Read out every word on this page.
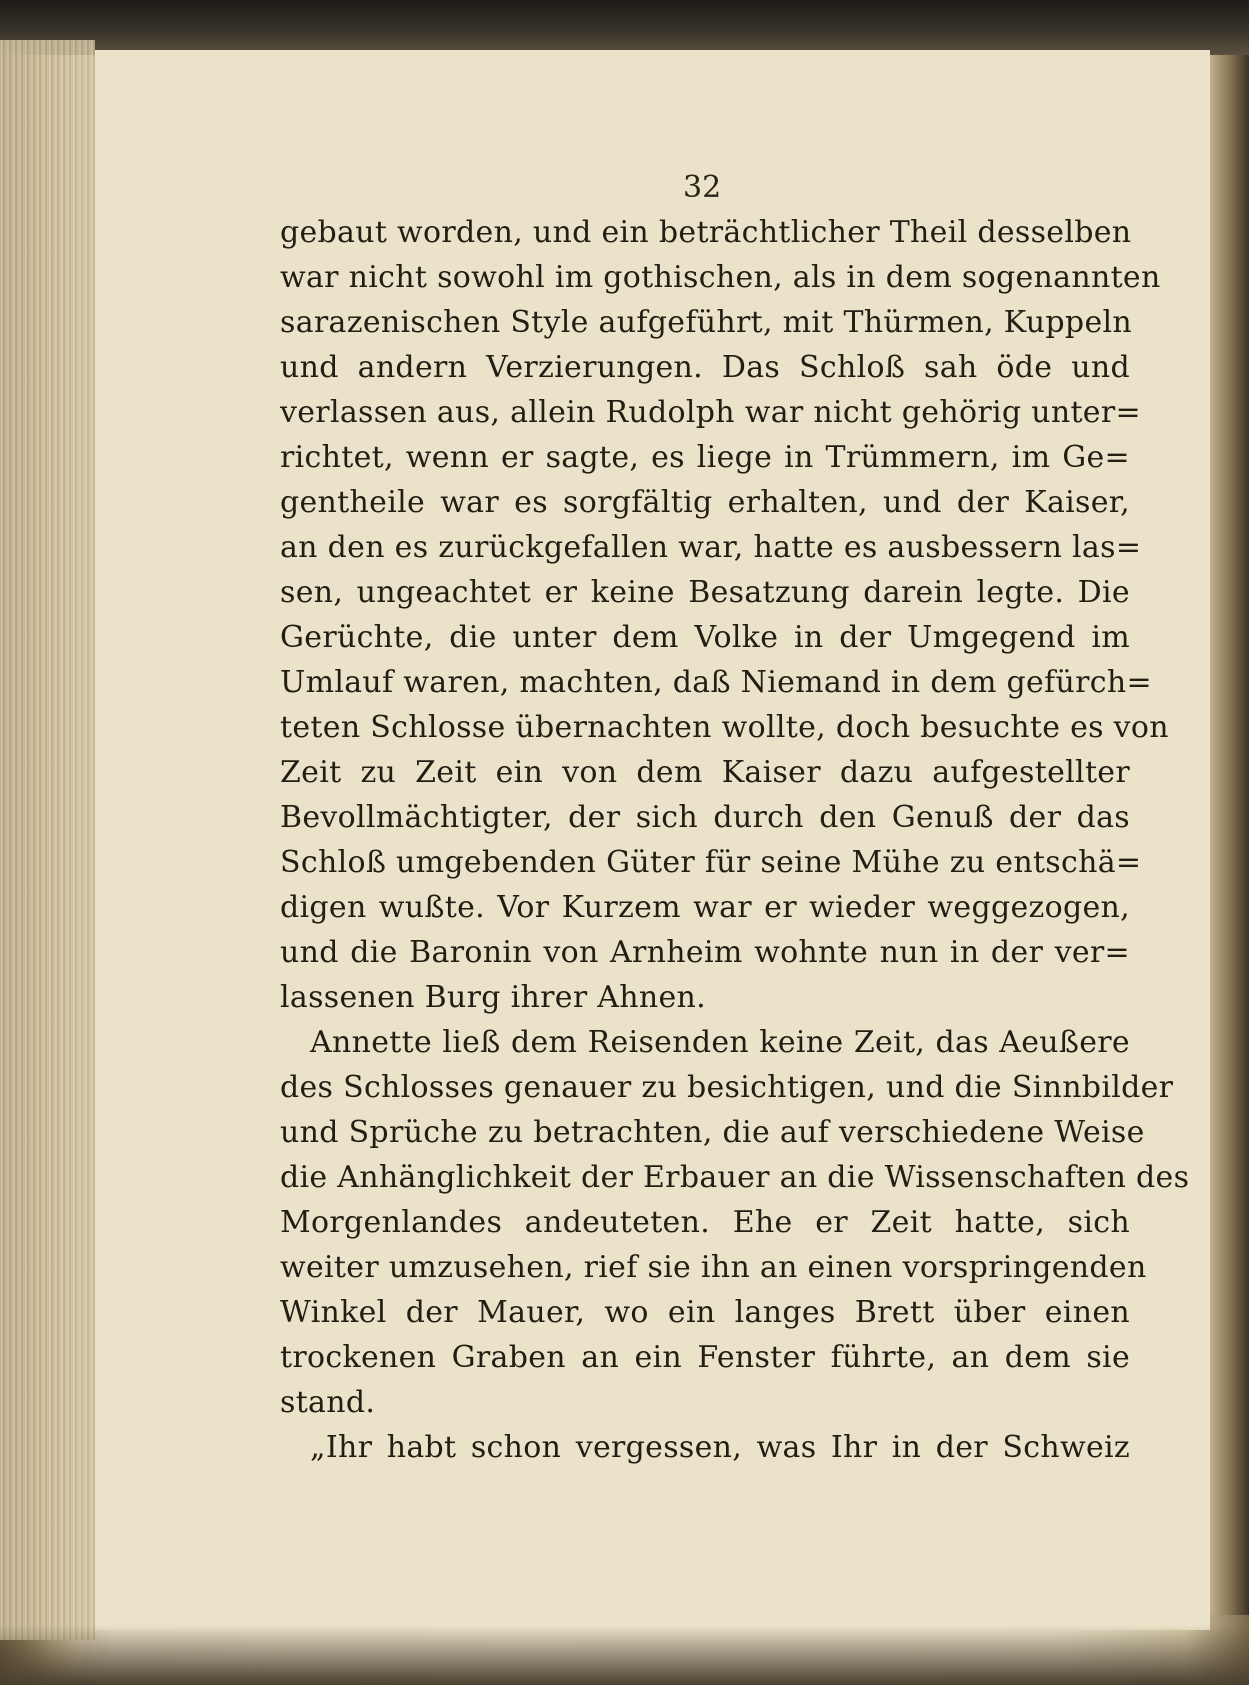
32

gebaut worden, und ein beträchtlicher Theil desselben
war nicht sowohl im gothischen, als in dem sogenannten
sarazenischen Style aufgeführt, mit Thürmen, Kuppeln
und andern Verzierungen. Das Schloß sah öde und
verlassen aus, allein Rudolph war nicht gehörig unter=
richtet, wenn er sagte, es liege in Trümmern, im Ge=
gentheile war es sorgfältig erhalten, und der Kaiser,
an den es zurückgefallen war, hatte es ausbessern las=
sen, ungeachtet er keine Besatzung darein legte. Die
Gerüchte, die unter dem Volke in der Umgegend im
Umlauf waren, machten, daß Niemand in dem gefürch=
teten Schlosse übernachten wollte, doch besuchte es von
Zeit zu Zeit ein von dem Kaiser dazu aufgestellter
Bevollmächtigter, der sich durch den Genuß der das
Schloß umgebenden Güter für seine Mühe zu entschä=
digen wußte. Vor Kurzem war er wieder weggezogen,
und die Baronin von Arnheim wohnte nun in der ver=
lassenen Burg ihrer Ahnen.
Annette ließ dem Reisenden keine Zeit, das Aeußere
des Schlosses genauer zu besichtigen, und die Sinnbilder
und Sprüche zu betrachten, die auf verschiedene Weise
die Anhänglichkeit der Erbauer an die Wissenschaften des
Morgenlandes andeuteten. Ehe er Zeit hatte, sich
weiter umzusehen, rief sie ihn an einen vorspringenden
Winkel der Mauer, wo ein langes Brett über einen
trockenen Graben an ein Fenster führte, an dem sie
stand.
„Ihr habt schon vergessen, was Ihr in der Schweiz
